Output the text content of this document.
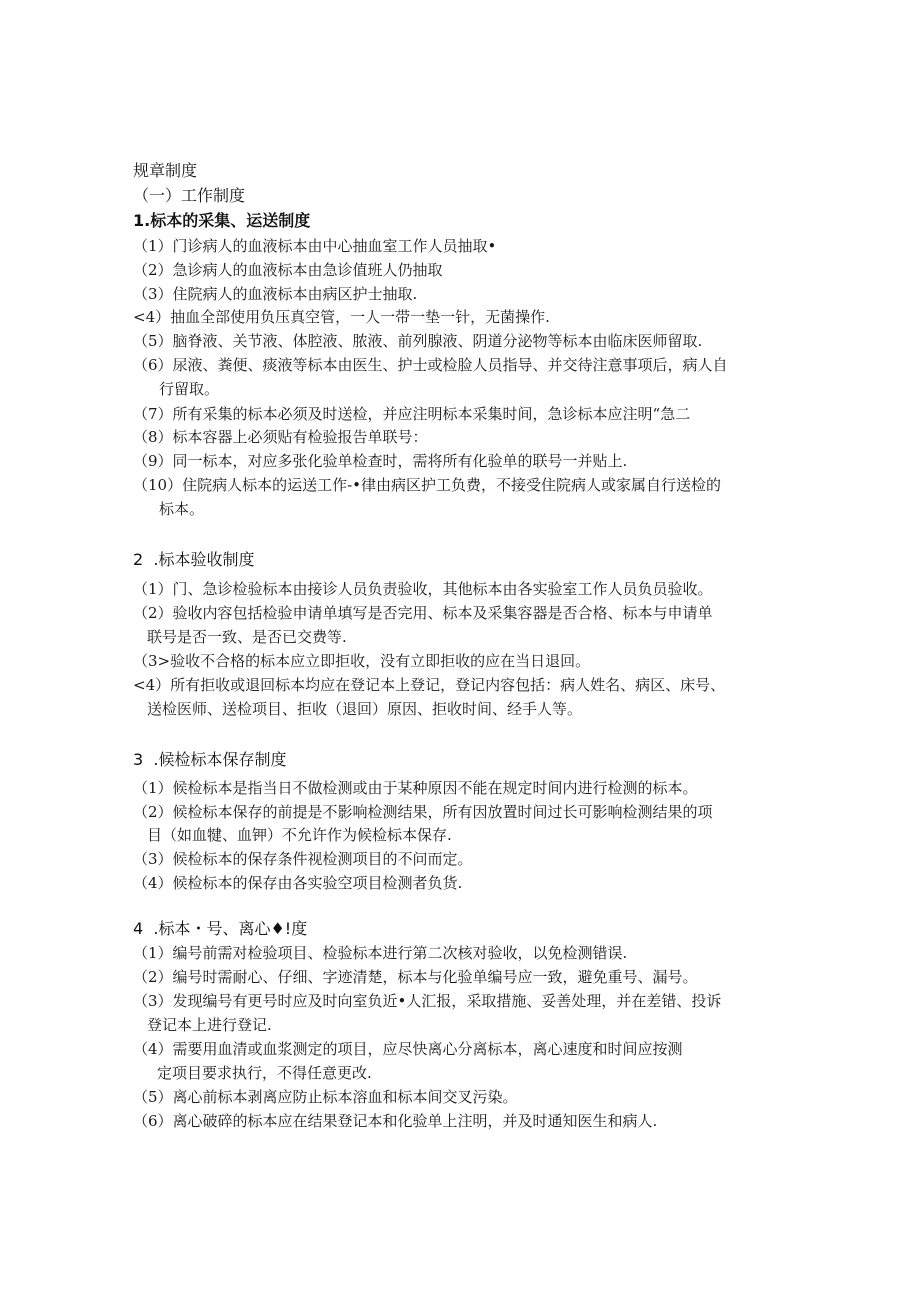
规章制度
（一）工作制度
1.标本的采集、运送制度
（1）门诊病人的血液标本由中心抽血室工作人员抽取•
（2）急诊病人的血液标本由急诊值班人仍抽取
（3）住院病人的血液标本由病区护士抽取.
<4）抽血全部使用负压真空管，一人一带一垫一针，无菌操作.
（5）脑脊液、关节液、体腔液、脓液、前列腺液、阴道分泌物等标本由临床医师留取.
（6）尿液、粪便、痰液等标本由医生、护士或检脸人员指导、并交待注意事项后，病人自
行留取。
（7）所有采集的标本必须及时送检，并应注明标本采集时间，急诊标本应注明“急二
（8）标本容器上必须贴有检验报告单联号：
（9）同一标本，对应多张化验单检查时，需将所有化验单的联号一并贴上.
（10）住院病人标本的运送工作-•律由病区护工负费，不接受住院病人或家属自行送检的
标本。
2  .标本验收制度
（1）门、急诊检验标本由接诊人员负责验收，其他标本由各实验室工作人员负员验收。
（2）验收内容包括检验申请单填写是否完用、标本及采集容器是否合格、标本与申请单
联号是否一致、是否已交费等.
（3>验收不合格的标本应立即拒收，没有立即拒收的应在当日退回。
<4）所有拒收或退回标本均应在登记本上登记，登记内容包括：病人姓名、病区、床号、
送检医师、送检项目、拒收（退回）原因、拒收时间、经手人等。
3  .候检标本保存制度
（1）候检标本是指当日不做检测或由于某种原因不能在规定时间内进行检测的标本。
（2）候检标本保存的前提是不影响检测结果，所有因放置时间过长可影响检测结果的项
目（如血犍、血钾）不允许作为候检标本保存.
（3）候检标本的保存条件视检测项目的不问而定。
（4）候检标本的保存由各实验空项目检测者负货.
4  .标本・号、离心♦!度
（1）编号前需对检验项目、检验标本进行第二次核对验收，以免检测错误.
（2）编号时需耐心、仔细、字迹清楚，标本与化验单编号应一致，避免重号、漏号。
（3）发现编号有更号时应及时向室负近•人汇报，采取措施、妥善处理，并在差错、投诉
登记本上进行登记.
（4）需要用血清或血浆测定的项目，应尽快离心分离标本，离心速度和时间应按测
定项目要求执行，不得任意更改.
（5）离心前标本剥离应防止标本溶血和标本间交叉污染。
（6）离心破碎的标本应在结果登记本和化验单上注明，并及时通知医生和病人.
